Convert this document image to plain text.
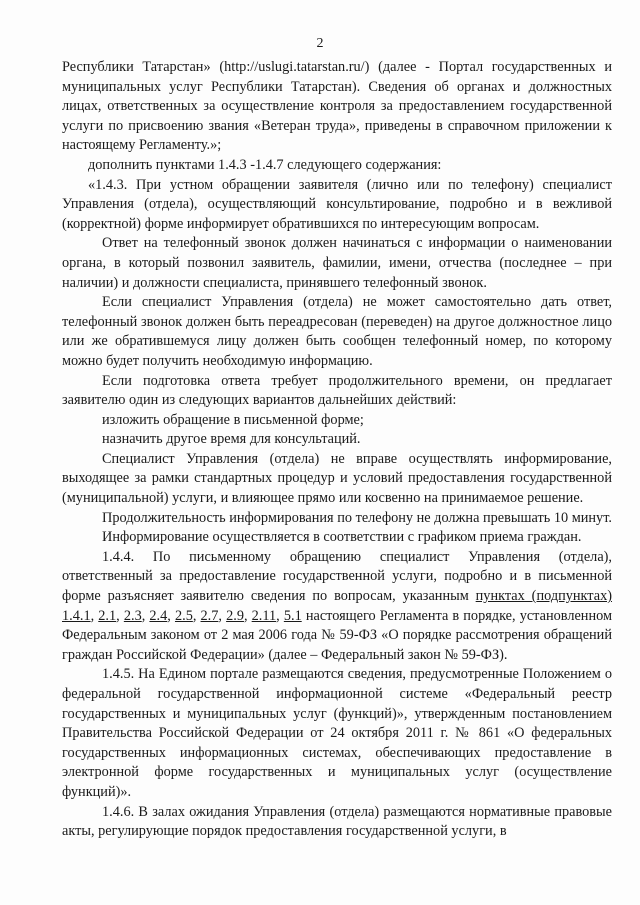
2

Республики Татарстан» (http://uslugi.tatarstan.ru/) (далее - Портал государственных и муниципальных услуг Республики Татарстан). Сведения об органах и должностных лицах, ответственных за осуществление контроля за предоставлением государственной услуги по присвоению звания «Ветеран труда», приведены в справочном приложении к настоящему Регламенту.»;

дополнить пунктами 1.4.3 -1.4.7 следующего содержания:

«1.4.3. При устном обращении заявителя (лично или по телефону) специалист Управления (отдела), осуществляющий консультирование, подробно и в вежливой (корректной) форме информирует обратившихся по интересующим вопросам.

Ответ на телефонный звонок должен начинаться с информации о наименовании органа, в который позвонил заявитель, фамилии, имени, отчества (последнее – при наличии) и должности специалиста, принявшего телефонный звонок.

Если специалист Управления (отдела) не может самостоятельно дать ответ, телефонный звонок должен быть переадресован (переведен) на другое должностное лицо или же обратившемуся лицу должен быть сообщен телефонный номер, по которому можно будет получить необходимую информацию.

Если подготовка ответа требует продолжительного времени, он предлагает заявителю один из следующих вариантов дальнейших действий:

изложить обращение в письменной форме;

назначить другое время для консультаций.

Специалист Управления (отдела) не вправе осуществлять информирование, выходящее за рамки стандартных процедур и условий предоставления государственной (муниципальной) услуги, и влияющее прямо или косвенно на принимаемое решение.

Продолжительность информирования по телефону не должна превышать 10 минут.

Информирование осуществляется в соответствии с графиком приема граждан.

1.4.4. По письменному обращению специалист Управления (отдела), ответственный за предоставление государственной услуги, подробно и в письменной форме разъясняет заявителю сведения по вопросам, указанным пунктах (подпунктах) 1.4.1, 2.1, 2.3, 2.4, 2.5, 2.7, 2.9, 2.11, 5.1 настоящего Регламента в порядке, установленном Федеральным законом от 2 мая 2006 года № 59-ФЗ «О порядке рассмотрения обращений граждан Российской Федерации» (далее – Федеральный закон № 59-ФЗ).

1.4.5. На Едином портале размещаются сведения, предусмотренные Положением о федеральной государственной информационной системе «Федеральный реестр государственных и муниципальных услуг (функций)», утвержденным постановлением Правительства Российской Федерации от 24 октября 2011 г. № 861 «О федеральных государственных информационных системах, обеспечивающих предоставление в электронной форме государственных и муниципальных услуг (осуществление функций)».

1.4.6. В залах ожидания Управления (отдела) размещаются нормативные правовые акты, регулирующие порядок предоставления государственной услуги, в
